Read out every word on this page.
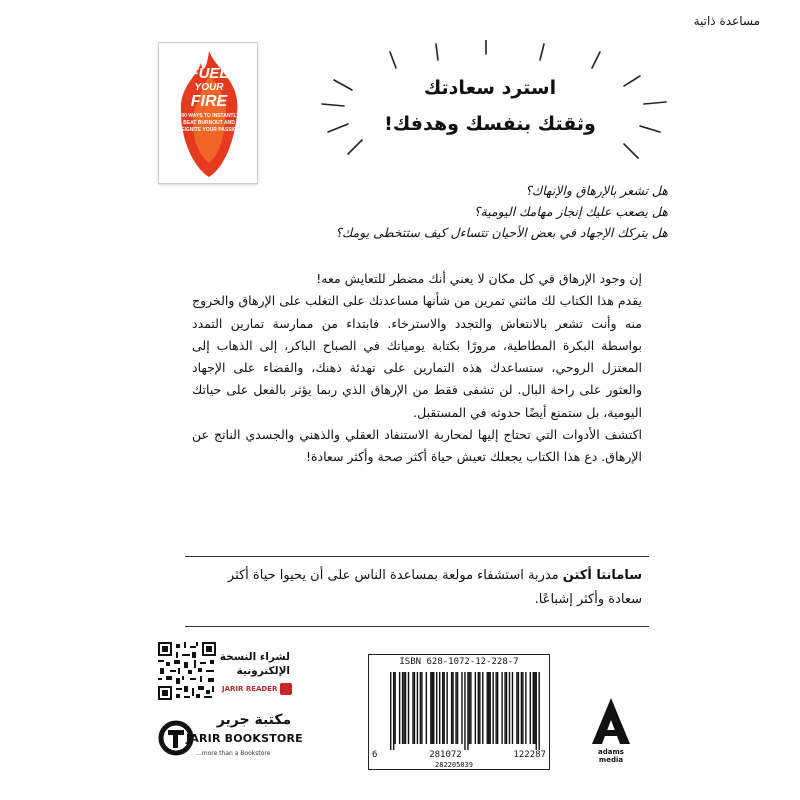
مساعدة ذاتية
FUEL
YOUR
FIRE
200 WAYS TO INSTANTLY BEAT BURNOUT AND REIGNITE YOUR PASSION
استرد سعادتك
وثقتك بنفسك وهدفك!
هل تشعر بالإرهاق والإنهاك؟
هل يصعب عليك إنجاز مهامك اليومية؟
هل يتركك الإجهاد في بعض الأحيان تتساءل كيف ستتخطى يومك؟

إن وجود الإرهاق في كل مكان لا يعني أنك مضطر للتعايش معه!

يقدم هذا الكتاب لك مائتي تمرين من شأنها مساعدتك على التغلب على الإرهاق والخروج منه وأنت تشعر بالانتعاش والتجدد والاسترخاء. فابتداء من ممارسة تمارين التمدد بواسطة البكرة المطاطية، مرورًا بكتابة يومياتك في الصباح الباكر، إلى الذهاب إلى المعتزل الروحي، ستساعدك هذه التمارين على تهدئة ذهنك، والقضاء على الإجهاد والعثور على راحة البال. لن تشفى فقط من الإرهاق الذي ربما يؤثر بالفعل على حياتك اليومية، بل ستمنع أيضًا حدوثه في المستقبل.

اكتشف الأدوات التي تحتاج إليها لمحاربة الاستنفاد العقلي والذهني والجسدي الناتج عن الإرهاق. دع هذا الكتاب يجعلك تعيش حياة أكثر صحة وأكثر سعادة!

سامانتا أكتن مدربة استشفاء مولعة بمساعدة الناس على أن يحيوا حياة أكثر سعادة وأكثر إشباعًا.
لشراء النسخة
الإلكترونية
JARIR READER
مكتبة جرير
JARIR BOOKSTORE
...more than a Bookstore
ISBN 628-1072-12-228-7
6	281072	122287
282205039
adams
media
